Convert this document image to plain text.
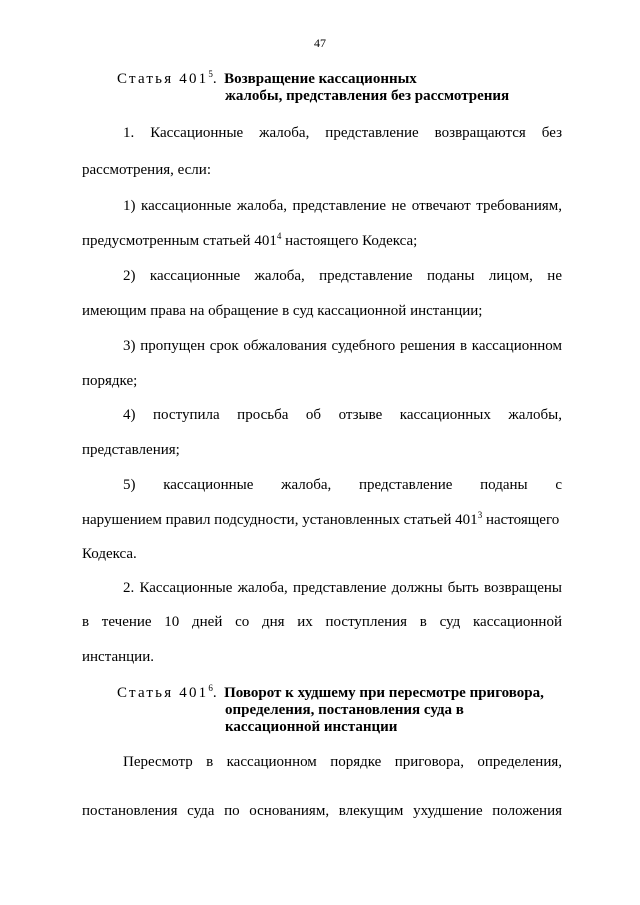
47
Статья $401^5$.  Возвращение кассационных
жалобы, представления без рассмотрения
1. Кассационные жалоба, представление возвращаются без
рассмотрения, если:
1) кассационные жалоба, представление не отвечают требованиям,
предусмотренным статьей $401^4$ настоящего Кодекса;
2) кассационные жалоба, представление поданы лицом, не
имеющим права на обращение в суд кассационной инстанции;
3) пропущен срок обжалования судебного решения в кассационном
порядке;
4) поступила просьба об отзыве кассационных жалобы,
представления;
5) кассационные жалоба, представление поданы с
нарушением правил подсудности, установленных статьей $401^3$ настоящего
Кодекса.
2. Кассационные жалоба, представление должны быть возвращены
в течение 10 дней со дня их поступления в суд кассационной
инстанции.
Статья $401^6$.  Поворот к худшему при пересмотре приговора,
определения, постановления суда в
кассационной инстанции
Пересмотр в кассационном порядке приговора, определения,
постановления суда по основаниям, влекущим ухудшение положения
